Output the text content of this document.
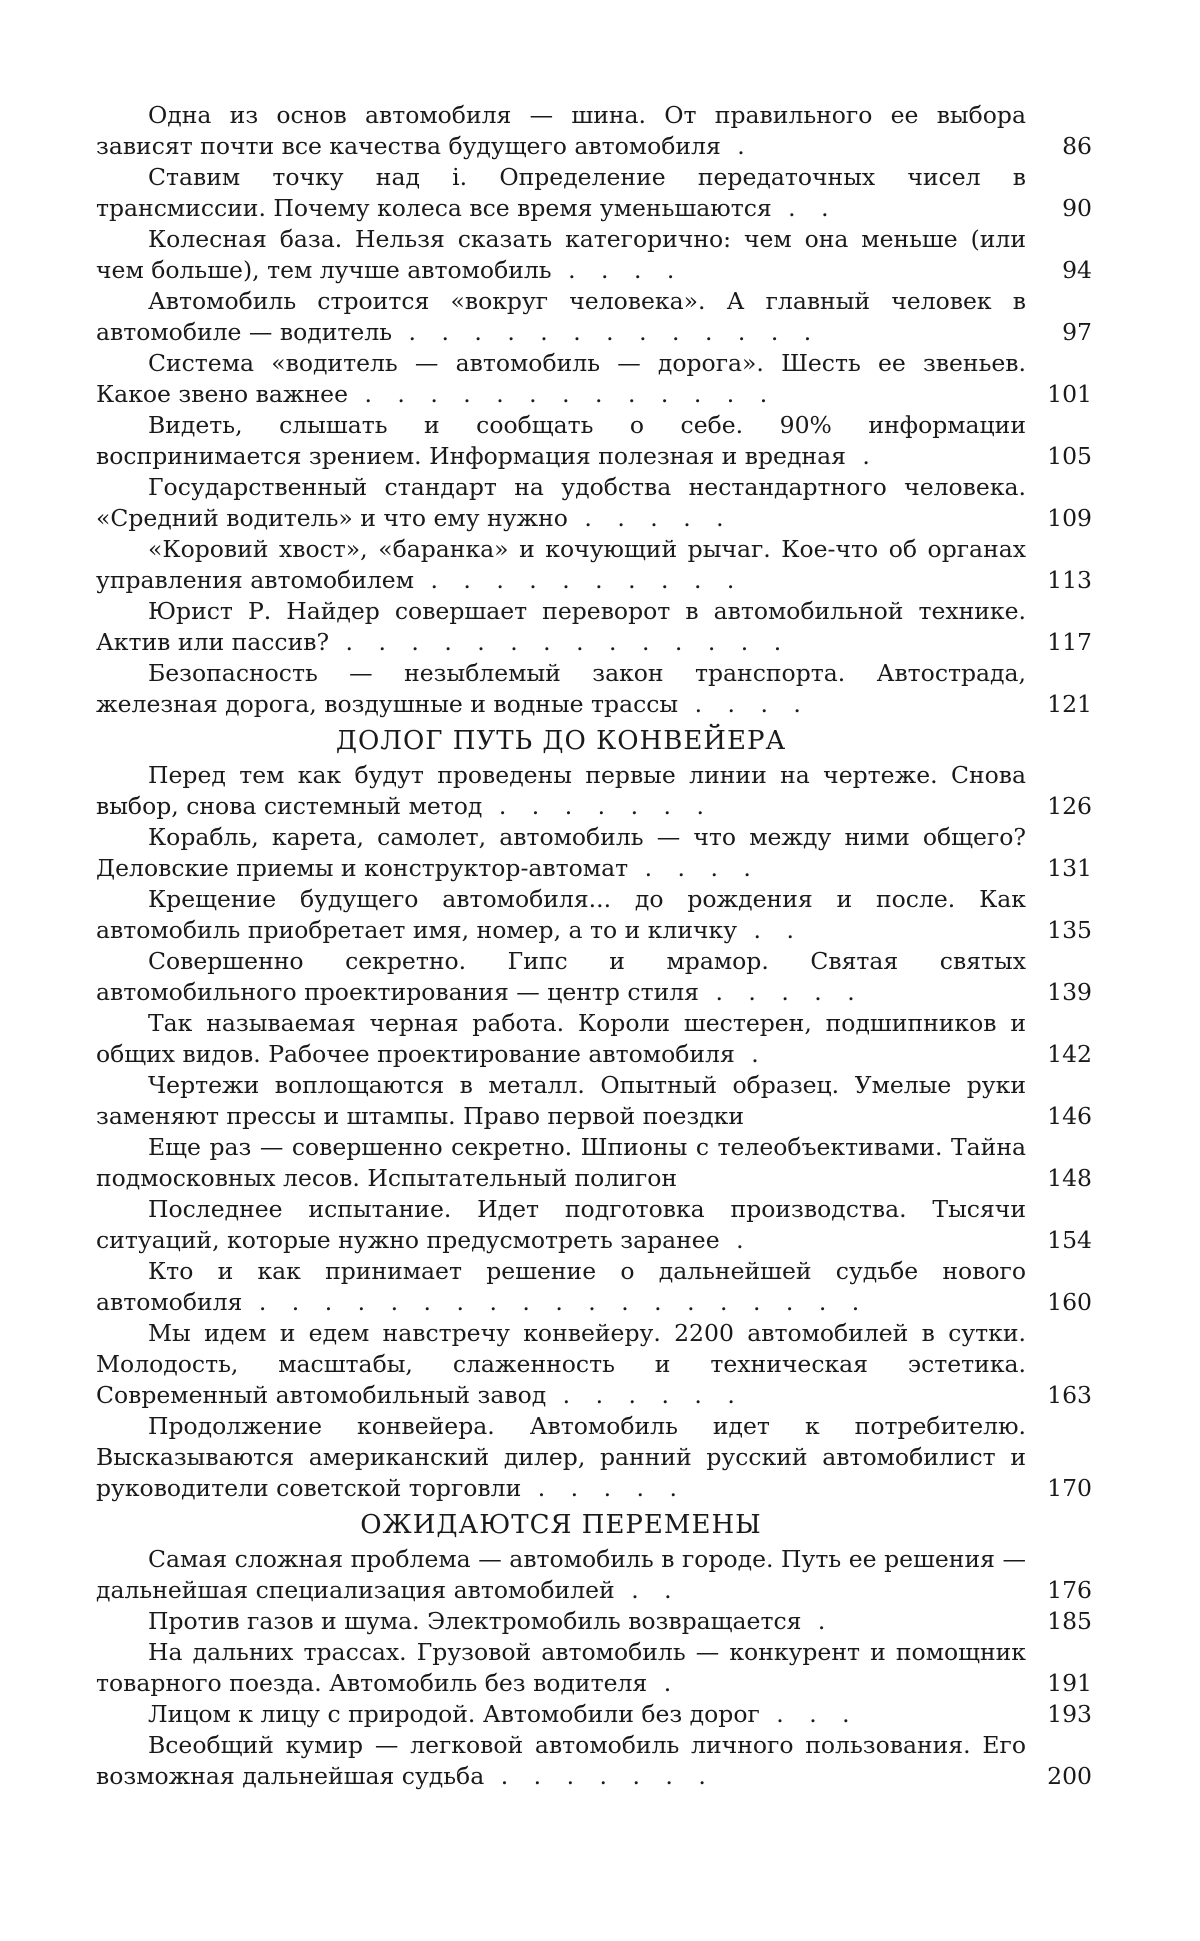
Одна из основ автомобиля — шина. От правильного ее выбора зависят почти все качества будущего автомобиля .	86
Ставим точку над i. Определение передаточных чисел в трансмиссии. Почему колеса все время уменьшаются . .	90
Колесная база. Нельзя сказать категорично: чем она меньше (или чем больше), тем лучше автомобиль . . . .	94
Автомобиль строится «вокруг человека». А главный человек в автомобиле — водитель . . . . . . . . . . . . .	97
Система «водитель — автомобиль — дорога». Шесть ее звеньев. Какое звено важнее . . . . . . . . . . . . .	101
Видеть, слышать и сообщать о себе. 90% информации воспринимается зрением. Информация полезная и вредная .	105
Государственный стандарт на удобства нестандартного человека. «Средний водитель» и что ему нужно . . . . .	109
«Коровий хвост», «баранка» и кочующий рычаг. Кое-что об органах управления автомобилем . . . . . . . . . .	113
Юрист Р. Найдер совершает переворот в автомобильной технике. Актив или пассив? . . . . . . . . . . . . . .	117
Безопасность — незыблемый закон транспорта. Автострада, железная дорога, воздушные и водные трассы . . . .	121
ДОЛОГ ПУТЬ ДО КОНВЕЙЕРА
Перед тем как будут проведены первые линии на чертеже. Снова выбор, снова системный метод . . . . . . .	126
Корабль, карета, самолет, автомобиль — что между ними общего? Деловские приемы и конструктор-автомат . . . .	131
Крещение будущего автомобиля... до рождения и после. Как автомобиль приобретает имя, номер, а то и кличку . .	135
Совершенно секретно. Гипс и мрамор. Святая святых автомобильного проектирования — центр стиля . . . . .	139
Так называемая черная работа. Короли шестерен, подшипников и общих видов. Рабочее проектирование автомобиля .	142
Чертежи воплощаются в металл. Опытный образец. Умелые руки заменяют прессы и штампы. Право первой поездки	146
Еще раз — совершенно секретно. Шпионы с телеобъективами. Тайна подмосковных лесов. Испытательный полигон	148
Последнее испытание. Идет подготовка производства. Тысячи ситуаций, которые нужно предусмотреть заранее .	154
Кто и как принимает решение о дальнейшей судьбе нового автомобиля . . . . . . . . . . . . . . . . . . .	160
Мы идем и едем навстречу конвейеру. 2200 автомобилей в сутки. Молодость, масштабы, слаженность и техническая эстетика. Современный автомобильный завод . . . . . .	163
Продолжение конвейера. Автомобиль идет к потребителю. Высказываются американский дилер, ранний русский автомобилист и руководители советской торговли . . . . .	170
ОЖИДАЮТСЯ ПЕРЕМЕНЫ
Самая сложная проблема — автомобиль в городе. Путь ее решения — дальнейшая специализация автомобилей . .	176
Против газов и шума. Электромобиль возвращается .	185
На дальних трассах. Грузовой автомобиль — конкурент и помощник товарного поезда. Автомобиль без водителя .	191
Лицом к лицу с природой. Автомобили без дорог . . .	193
Всеобщий кумир — легковой автомобиль личного пользования. Его возможная дальнейшая судьба . . . . . . .	200
